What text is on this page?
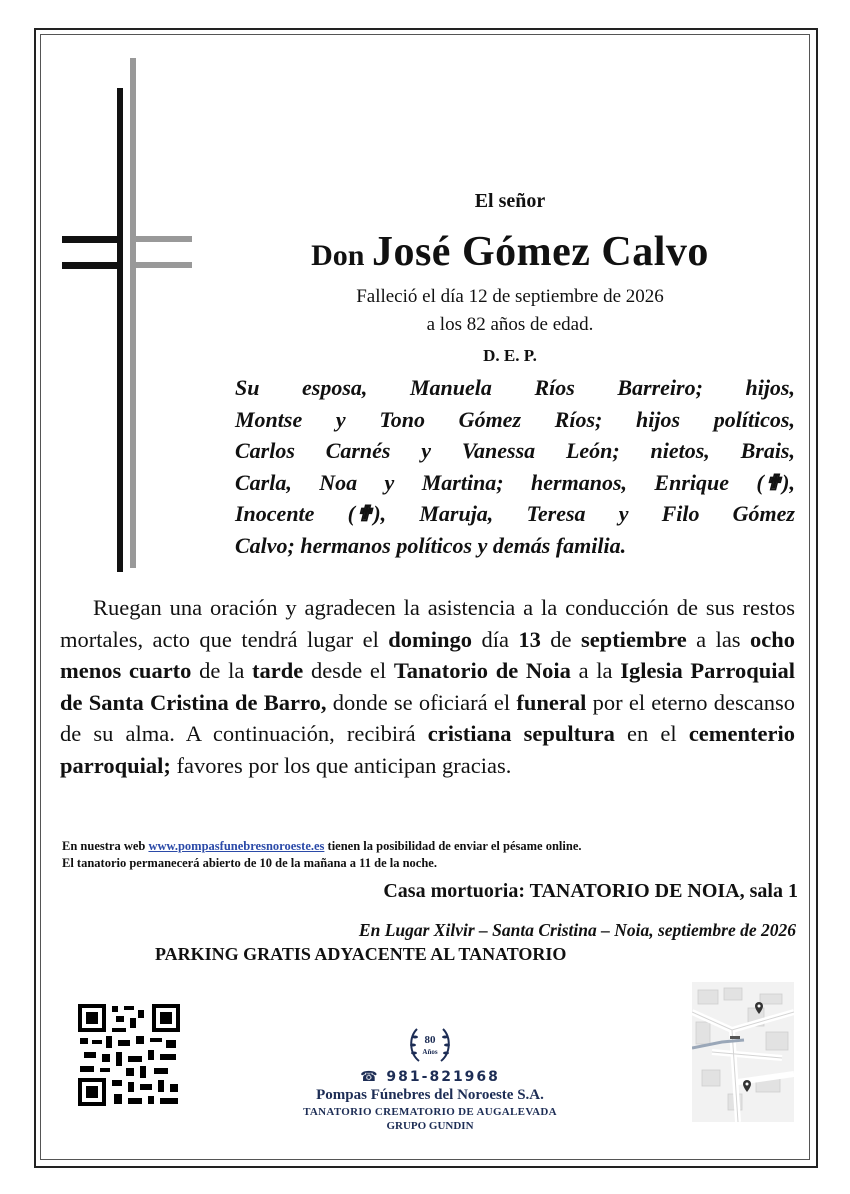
El señor
Don José Gómez Calvo
Falleció el día 12 de septiembre de 2026
a los 82 años de edad.
D. E. P.
Su esposa, Manuela Ríos Barreiro; hijos,
Montse y Tono Gómez Ríos; hijos políticos,
Carlos Carnés y Vanessa León; nietos, Brais,
Carla, Noa y Martina; hermanos, Enrique (✟),
Inocente (✟), Maruja, Teresa y Filo Gómez
Calvo; hermanos políticos y demás familia.

Ruegan una oración y agradecen la asistencia a la conducción de sus restos mortales, acto que tendrá lugar el domingo día 13 de septiembre a las ocho menos cuarto de la tarde desde el Tanatorio de Noia a la Iglesia Parroquial de Santa Cristina de Barro, donde se oficiará el funeral por el eterno descanso de su alma. A continuación, recibirá cristiana sepultura en el cementerio parroquial; favores por los que anticipan gracias.

En nuestra web www.pompasfunebresnoroeste.es tienen la posibilidad de enviar el pésame online.
El tanatorio permanecerá abierto de 10 de la mañana a 11 de la noche.
Casa mortuoria: TANATORIO DE NOIA, sala 1
En Lugar Xilvir – Santa Cristina – Noia, septiembre de 2026
PARKING GRATIS ADYACENTE AL TANATORIO
80
Años
☎ 981-821968
Pompas Fúnebres del Noroeste S.A.
TANATORIO CREMATORIO DE AUGALEVADA
GRUPO GUNDIN
